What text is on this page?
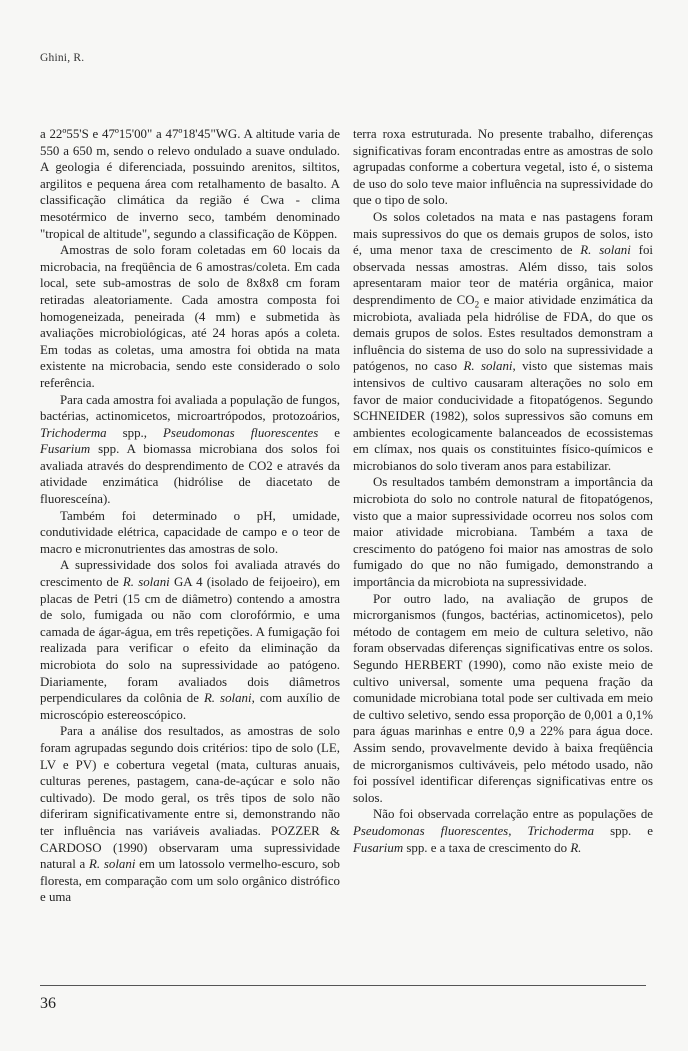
Ghini, R.

a 22º55'S e 47º15'00" a 47º18'45"WG. A altitude varia de 550 a 650 m, sendo o relevo ondulado a suave ondulado. A geologia é diferenciada, possuindo arenitos, siltitos, argilitos e pequena área com retalhamento de basalto. A classificação climática da região é Cwa - clima mesotérmico de inverno seco, também denominado "tropical de altitude", segundo a classificação de Köppen.

Amostras de solo foram coletadas em 60 locais da microbacia, na freqüência de 6 amostras/coleta. Em cada local, sete sub-amostras de solo de 8x8x8 cm foram retiradas aleatoriamente. Cada amostra composta foi homogeneizada, peneirada (4 mm) e submetida às avaliações microbiológicas, até 24 horas após a coleta. Em todas as coletas, uma amostra foi obtida na mata existente na microbacia, sendo este considerado o solo referência.

Para cada amostra foi avaliada a população de fungos, bactérias, actinomicetos, microartrópodos, protozoários, Trichoderma spp., Pseudomonas fluorescentes e Fusarium spp. A biomassa microbiana dos solos foi avaliada através do desprendimento de CO2 e através da atividade enzimática (hidrólise de diacetato de fluoresceína).

Também foi determinado o pH, umidade, condutividade elétrica, capacidade de campo e o teor de macro e micronutrientes das amostras de solo.

A supressividade dos solos foi avaliada através do crescimento de R. solani GA 4 (isolado de feijoeiro), em placas de Petri (15 cm de diâmetro) contendo a amostra de solo, fumigada ou não com clorofórmio, e uma camada de ágar-água, em três repetições. A fumigação foi realizada para verificar o efeito da eliminação da microbiota do solo na supressividade ao patógeno. Diariamente, foram avaliados dois diâmetros perpendiculares da colônia de R. solani, com auxílio de microscópio estereoscópico.

Para a análise dos resultados, as amostras de solo foram agrupadas segundo dois critérios: tipo de solo (LE, LV e PV) e cobertura vegetal (mata, culturas anuais, culturas perenes, pastagem, cana-de-açúcar e solo não cultivado). De modo geral, os três tipos de solo não diferiram significativamente entre si, demonstrando não ter influência nas variáveis avaliadas. POZZER & CARDOSO (1990) observaram uma supressividade natural a R. solani em um latossolo vermelho-escuro, sob floresta, em comparação com um solo orgânico distrófico e uma

terra roxa estruturada. No presente trabalho, diferenças significativas foram encontradas entre as amostras de solo agrupadas conforme a cobertura vegetal, isto é, o sistema de uso do solo teve maior influência na supressividade do que o tipo de solo.

Os solos coletados na mata e nas pastagens foram mais supressivos do que os demais grupos de solos, isto é, uma menor taxa de crescimento de R. solani foi observada nessas amostras. Além disso, tais solos apresentaram maior teor de matéria orgânica, maior desprendimento de $CO_2$ e maior atividade enzimática da microbiota, avaliada pela hidrólise de FDA, do que os demais grupos de solos. Estes resultados demonstram a influência do sistema de uso do solo na supressividade a patógenos, no caso R. solani, visto que sistemas mais intensivos de cultivo causaram alterações no solo em favor de maior conducividade a fitopatógenos. Segundo SCHNEIDER (1982), solos supressivos são comuns em ambientes ecologicamente balanceados de ecossistemas em clímax, nos quais os constituintes físico-químicos e microbianos do solo tiveram anos para estabilizar.

Os resultados também demonstram a importância da microbiota do solo no controle natural de fitopatógenos, visto que a maior supressividade ocorreu nos solos com maior atividade microbiana. Também a taxa de crescimento do patógeno foi maior nas amostras de solo fumigado do que no não fumigado, demonstrando a importância da microbiota na supressividade.

Por outro lado, na avaliação de grupos de microrganismos (fungos, bactérias, actinomicetos), pelo método de contagem em meio de cultura seletivo, não foram observadas diferenças significativas entre os solos. Segundo HERBERT (1990), como não existe meio de cultivo universal, somente uma pequena fração da comunidade microbiana total pode ser cultivada em meio de cultivo seletivo, sendo essa proporção de 0,001 a 0,1% para águas marinhas e entre 0,9 a 22% para água doce. Assim sendo, provavelmente devido à baixa freqüência de microrganismos cultiváveis, pelo método usado, não foi possível identificar diferenças significativas entre os solos.

Não foi observada correlação entre as populações de Pseudomonas fluorescentes, Trichoderma spp. e Fusarium spp. e a taxa de crescimento do R.

36
